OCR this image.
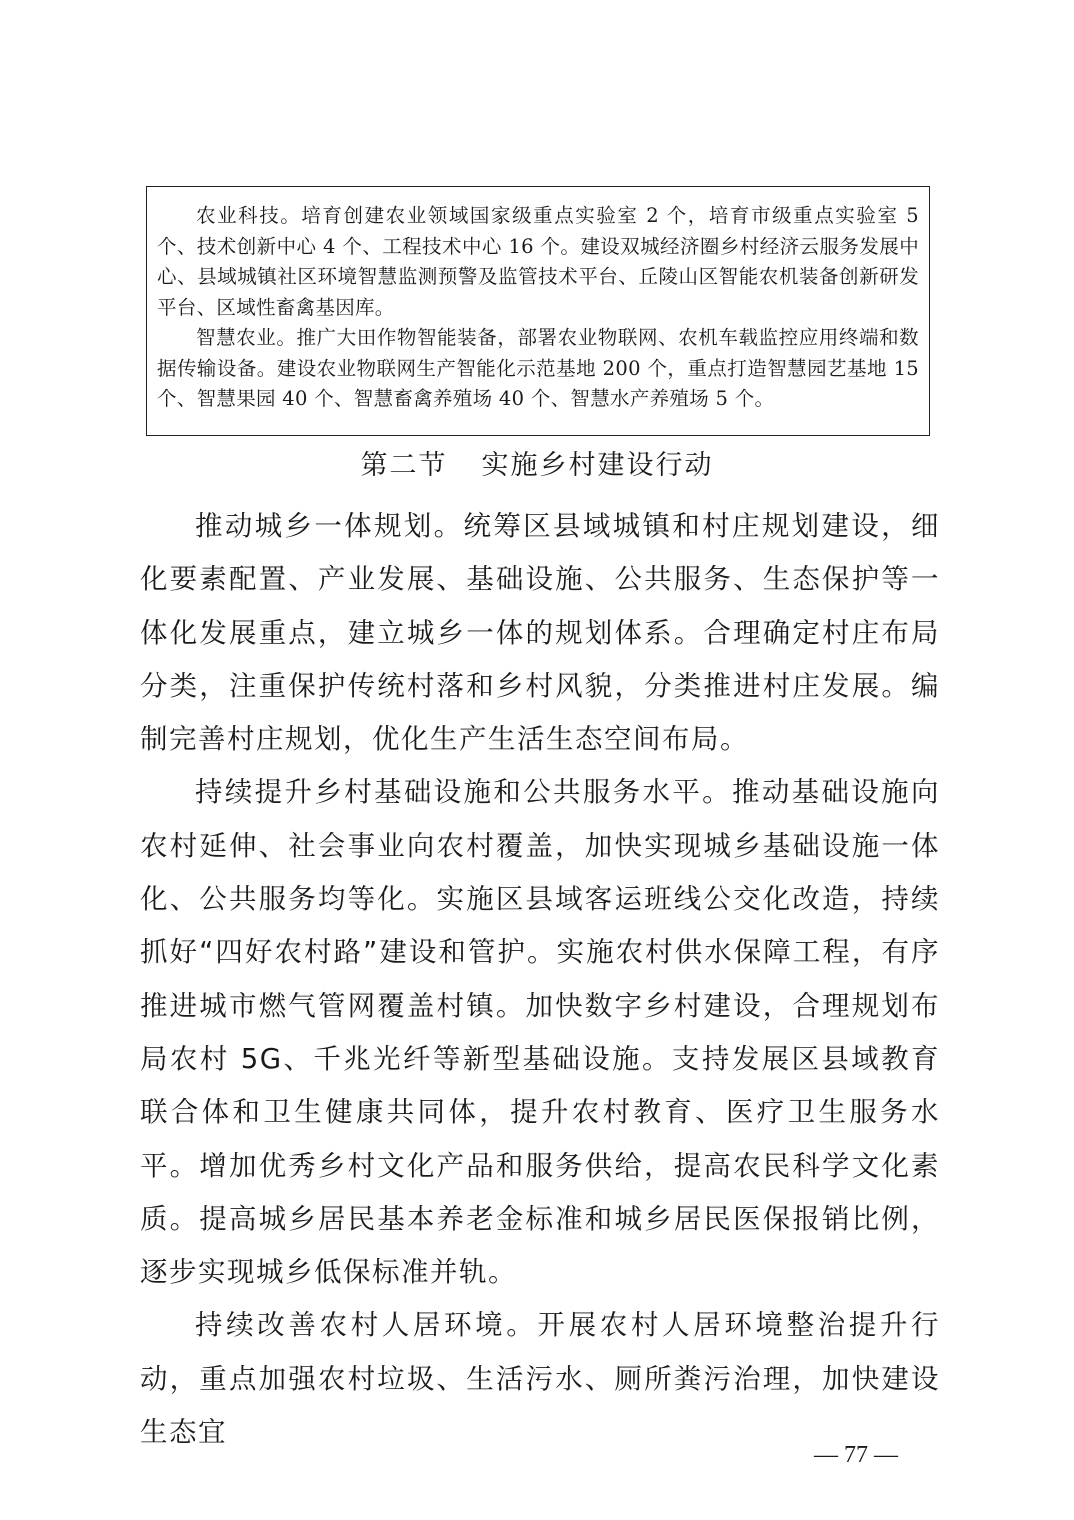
农业科技。培育创建农业领域国家级重点实验室 2 个，培育市级重点实验室 5 个、技术创新中心 4 个、工程技术中心 16 个。建设双城经济圈乡村经济云服务发展中心、县域城镇社区环境智慧监测预警及监管技术平台、丘陵山区智能农机装备创新研发平台、区域性畜禽基因库。

智慧农业。推广大田作物智能装备，部署农业物联网、农机车载监控应用终端和数据传输设备。建设农业物联网生产智能化示范基地 200 个，重点打造智慧园艺基地 15 个、智慧果园 40 个、智慧畜禽养殖场 40 个、智慧水产养殖场 5 个。

第二节 实施乡村建设行动

推动城乡一体规划。统筹区县域城镇和村庄规划建设，细化要素配置、产业发展、基础设施、公共服务、生态保护等一体化发展重点，建立城乡一体的规划体系。合理确定村庄布局分类，注重保护传统村落和乡村风貌，分类推进村庄发展。编制完善村庄规划，优化生产生活生态空间布局。

持续提升乡村基础设施和公共服务水平。推动基础设施向农村延伸、社会事业向农村覆盖，加快实现城乡基础设施一体化、公共服务均等化。实施区县域客运班线公交化改造，持续抓好“四好农村路”建设和管护。实施农村供水保障工程，有序推进城市燃气管网覆盖村镇。加快数字乡村建设，合理规划布局农村 5G、千兆光纤等新型基础设施。支持发展区县域教育联合体和卫生健康共同体，提升农村教育、医疗卫生服务水平。增加优秀乡村文化产品和服务供给，提高农民科学文化素质。提高城乡居民基本养老金标准和城乡居民医保报销比例，逐步实现城乡低保标准并轨。

持续改善农村人居环境。开展农村人居环境整治提升行动，重点加强农村垃圾、生活污水、厕所粪污治理，加快建设生态宜

— 77 —
